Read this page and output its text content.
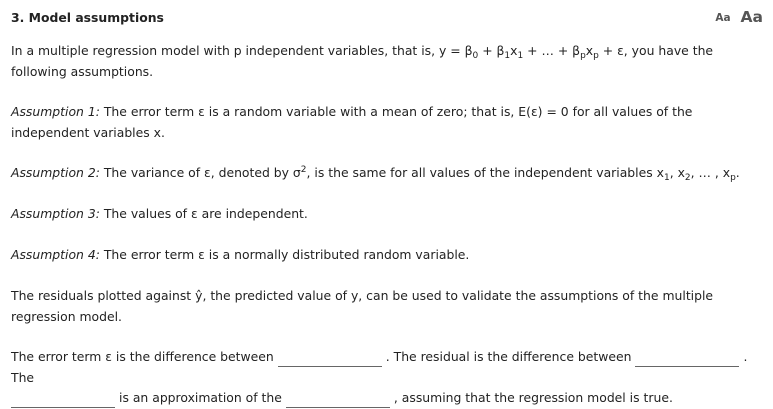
3. Model assumptions	Aa Aa
In a multiple regression model with p independent variables, that is, $y = \beta_0 + \beta_1x_1$ + … + $\beta_px_p + \varepsilon$, you have the following assumptions.
Assumption 1: The error term ε is a random variable with a mean of zero; that is, E(ε) = 0 for all values of the independent variables x.
Assumption 2: The variance of ε, denoted by $\sigma^2$, is the same for all values of the independent variables $x_1$, $x_2$, … , $x_p$.
Assumption 3: The values of ε are independent.
Assumption 4: The error term ε is a normally distributed random variable.
The residuals plotted against ŷ, the predicted value of y, can be used to validate the assumptions of the multiple regression model.
The error term ε is the difference between	. The residual is the difference between	. The
is an approximation of the	, assuming that the regression model is true.
